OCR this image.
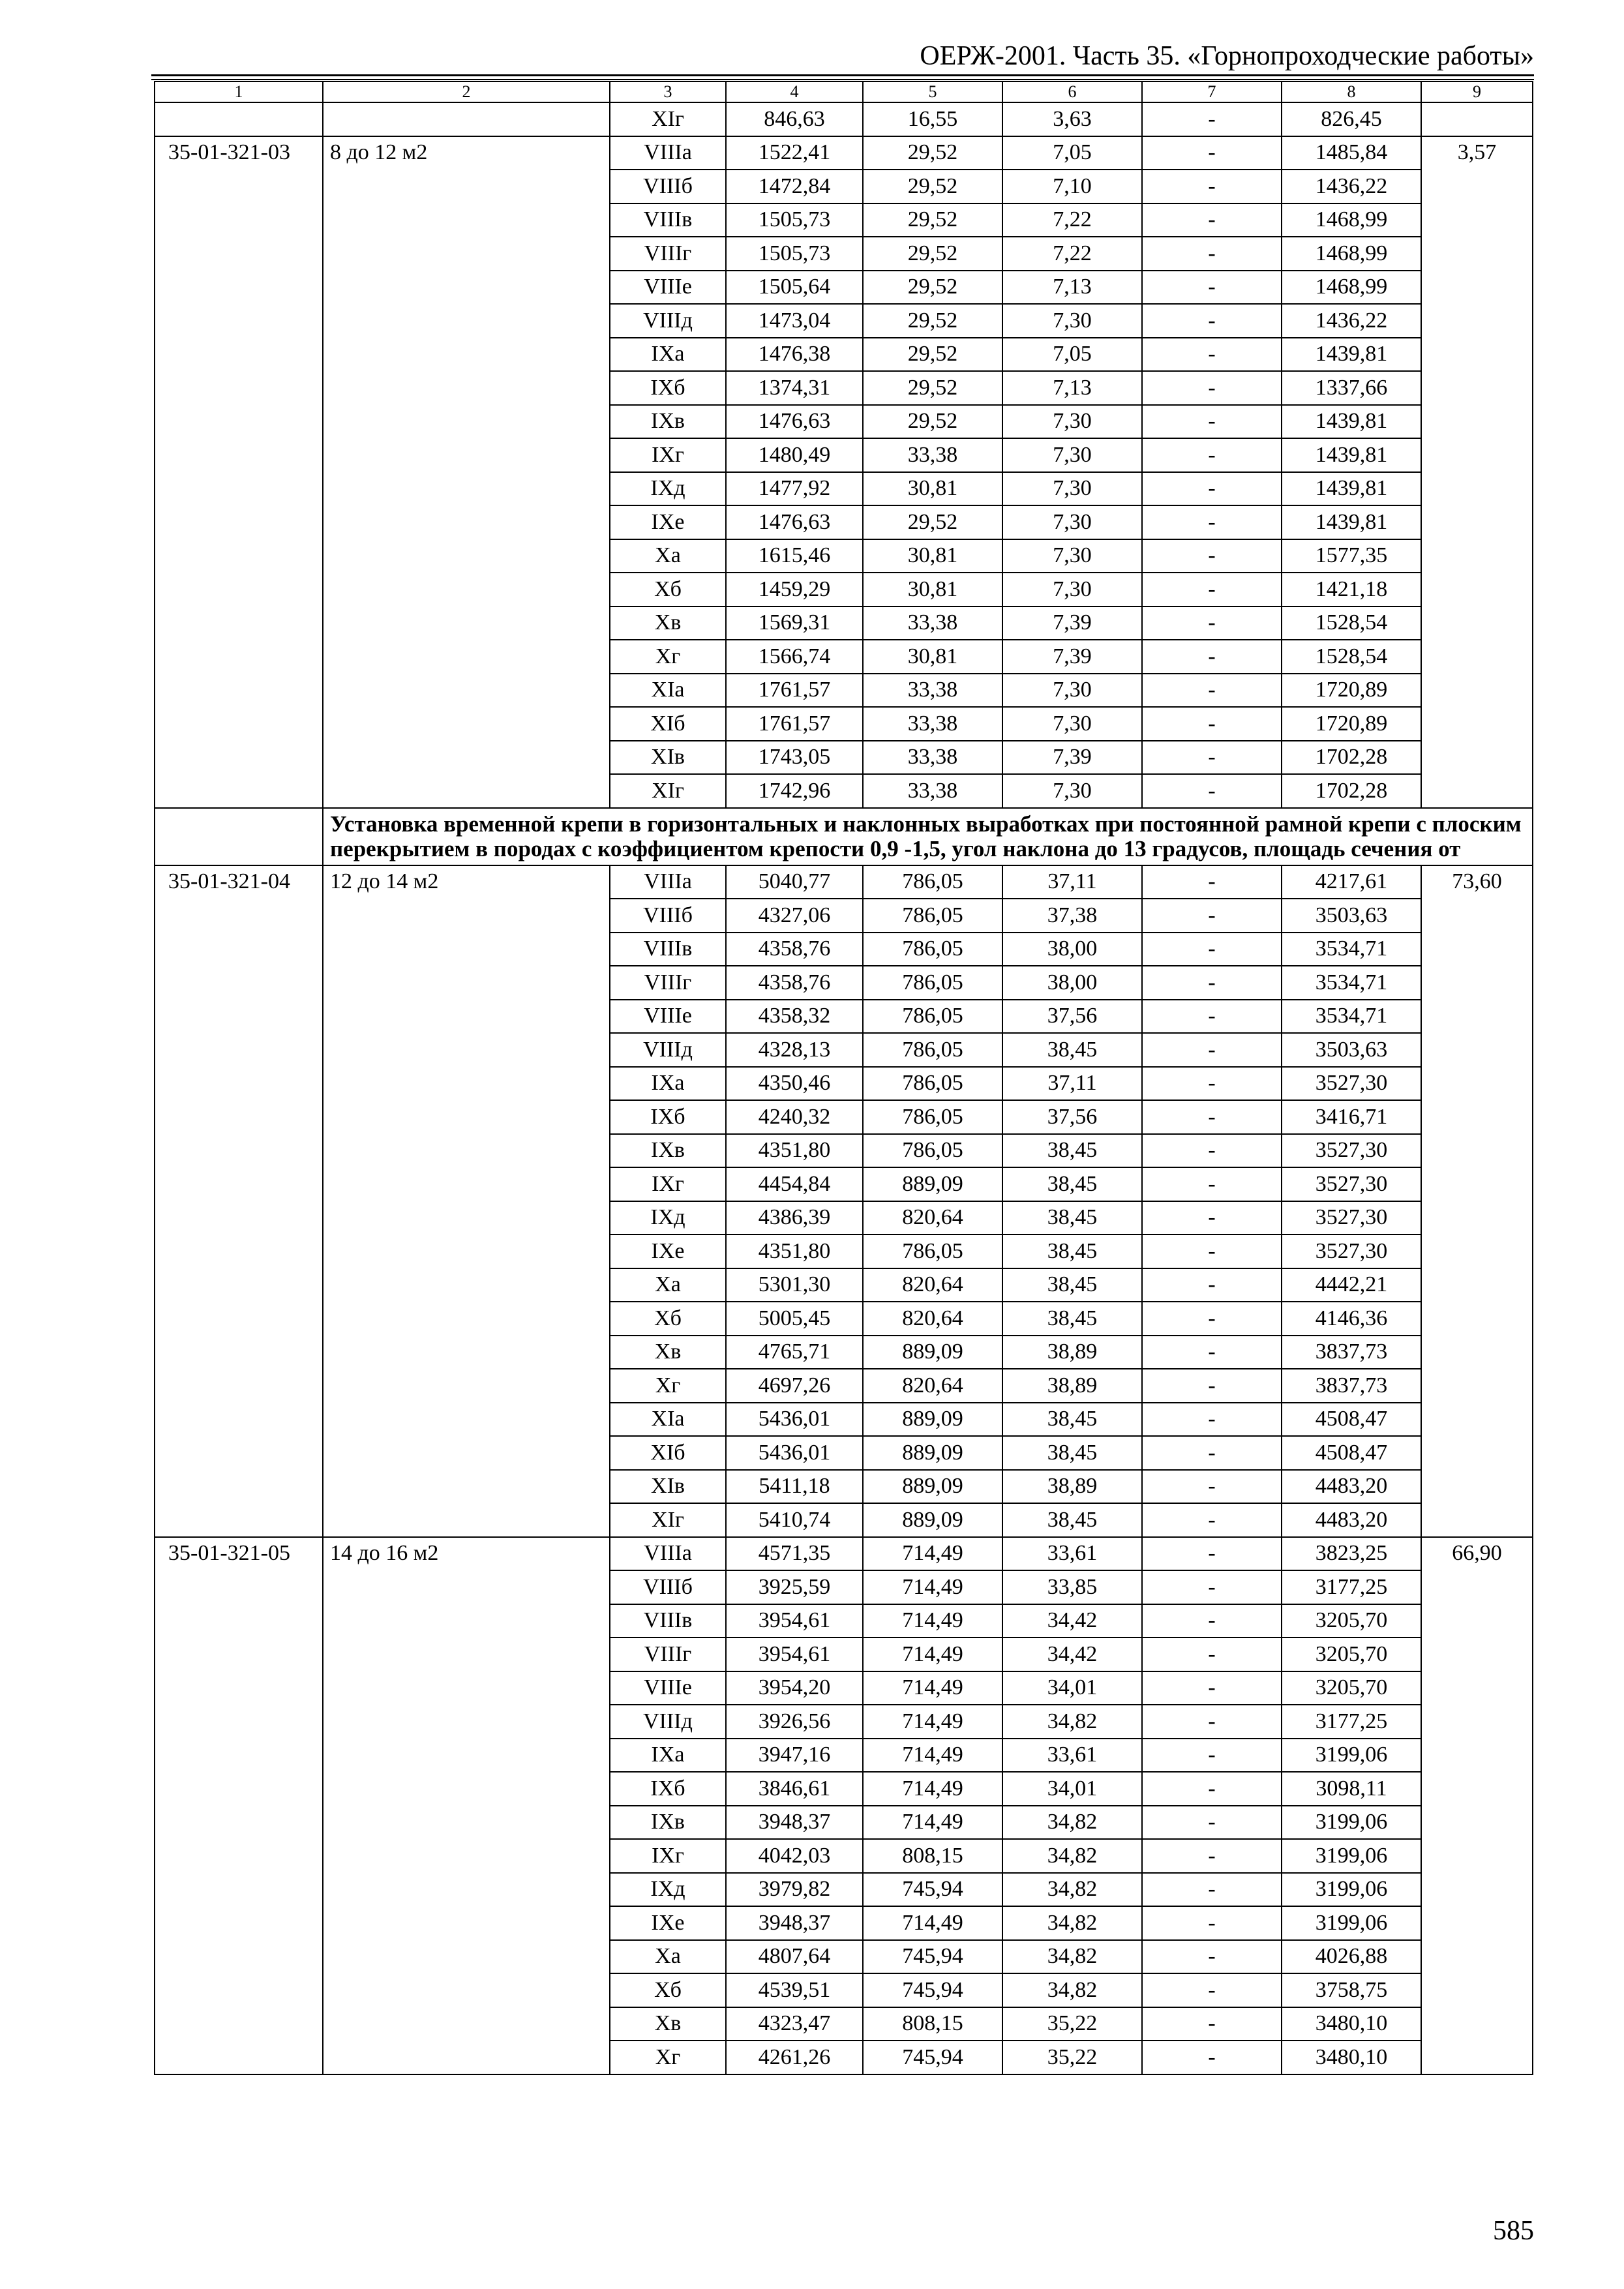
ОЕРЖ-2001. Часть 35. «Горнопроходческие работы»
1	2	3	4	5	6	7	8	9
		XIг	846,63	16,55	3,63	-	826,45	
35-01-321-03	8 до 12 м2	VIIIа	1522,41	29,52	7,05	-	1485,84	3,57
		VIIIб	1472,84	29,52	7,10	-	1436,22	
		VIIIв	1505,73	29,52	7,22	-	1468,99	
		VIIIг	1505,73	29,52	7,22	-	1468,99	
		VIIIе	1505,64	29,52	7,13	-	1468,99	
		VIIIд	1473,04	29,52	7,30	-	1436,22	
		IXа	1476,38	29,52	7,05	-	1439,81	
		IXб	1374,31	29,52	7,13	-	1337,66	
		IXв	1476,63	29,52	7,30	-	1439,81	
		IXг	1480,49	33,38	7,30	-	1439,81	
		IXд	1477,92	30,81	7,30	-	1439,81	
		IXе	1476,63	29,52	7,30	-	1439,81	
		Xа	1615,46	30,81	7,30	-	1577,35	
		Xб	1459,29	30,81	7,30	-	1421,18	
		Xв	1569,31	33,38	7,39	-	1528,54	
		Xг	1566,74	30,81	7,39	-	1528,54	
		XIа	1761,57	33,38	7,30	-	1720,89	
		XIб	1761,57	33,38	7,30	-	1720,89	
		XIв	1743,05	33,38	7,39	-	1702,28	
		XIг	1742,96	33,38	7,30	-	1702,28	
	Установка временной крепи в горизонтальных и наклонных выработках при постоянной рамной крепи с плоским перекрытием в породах с коэффициентом крепости 0,9 -1,5, угол наклона до 13 градусов, площадь сечения от							
35-01-321-04	12 до 14 м2	VIIIа	5040,77	786,05	37,11	-	4217,61	73,60
		VIIIб	4327,06	786,05	37,38	-	3503,63	
		VIIIв	4358,76	786,05	38,00	-	3534,71	
		VIIIг	4358,76	786,05	38,00	-	3534,71	
		VIIIе	4358,32	786,05	37,56	-	3534,71	
		VIIIд	4328,13	786,05	38,45	-	3503,63	
		IXа	4350,46	786,05	37,11	-	3527,30	
		IXб	4240,32	786,05	37,56	-	3416,71	
		IXв	4351,80	786,05	38,45	-	3527,30	
		IXг	4454,84	889,09	38,45	-	3527,30	
		IXд	4386,39	820,64	38,45	-	3527,30	
		IXе	4351,80	786,05	38,45	-	3527,30	
		Xа	5301,30	820,64	38,45	-	4442,21	
		Xб	5005,45	820,64	38,45	-	4146,36	
		Xв	4765,71	889,09	38,89	-	3837,73	
		Xг	4697,26	820,64	38,89	-	3837,73	
		XIа	5436,01	889,09	38,45	-	4508,47	
		XIб	5436,01	889,09	38,45	-	4508,47	
		XIв	5411,18	889,09	38,89	-	4483,20	
		XIг	5410,74	889,09	38,45	-	4483,20	
35-01-321-05	14 до 16 м2	VIIIа	4571,35	714,49	33,61	-	3823,25	66,90
		VIIIб	3925,59	714,49	33,85	-	3177,25	
		VIIIв	3954,61	714,49	34,42	-	3205,70	
		VIIIг	3954,61	714,49	34,42	-	3205,70	
		VIIIе	3954,20	714,49	34,01	-	3205,70	
		VIIIд	3926,56	714,49	34,82	-	3177,25	
		IXа	3947,16	714,49	33,61	-	3199,06	
		IXб	3846,61	714,49	34,01	-	3098,11	
		IXв	3948,37	714,49	34,82	-	3199,06	
		IXг	4042,03	808,15	34,82	-	3199,06	
		IXд	3979,82	745,94	34,82	-	3199,06	
		IXе	3948,37	714,49	34,82	-	3199,06	
		Xа	4807,64	745,94	34,82	-	4026,88	
		Xб	4539,51	745,94	34,82	-	3758,75	
		Xв	4323,47	808,15	35,22	-	3480,10	
		Xг	4261,26	745,94	35,22	-	3480,10	
585
